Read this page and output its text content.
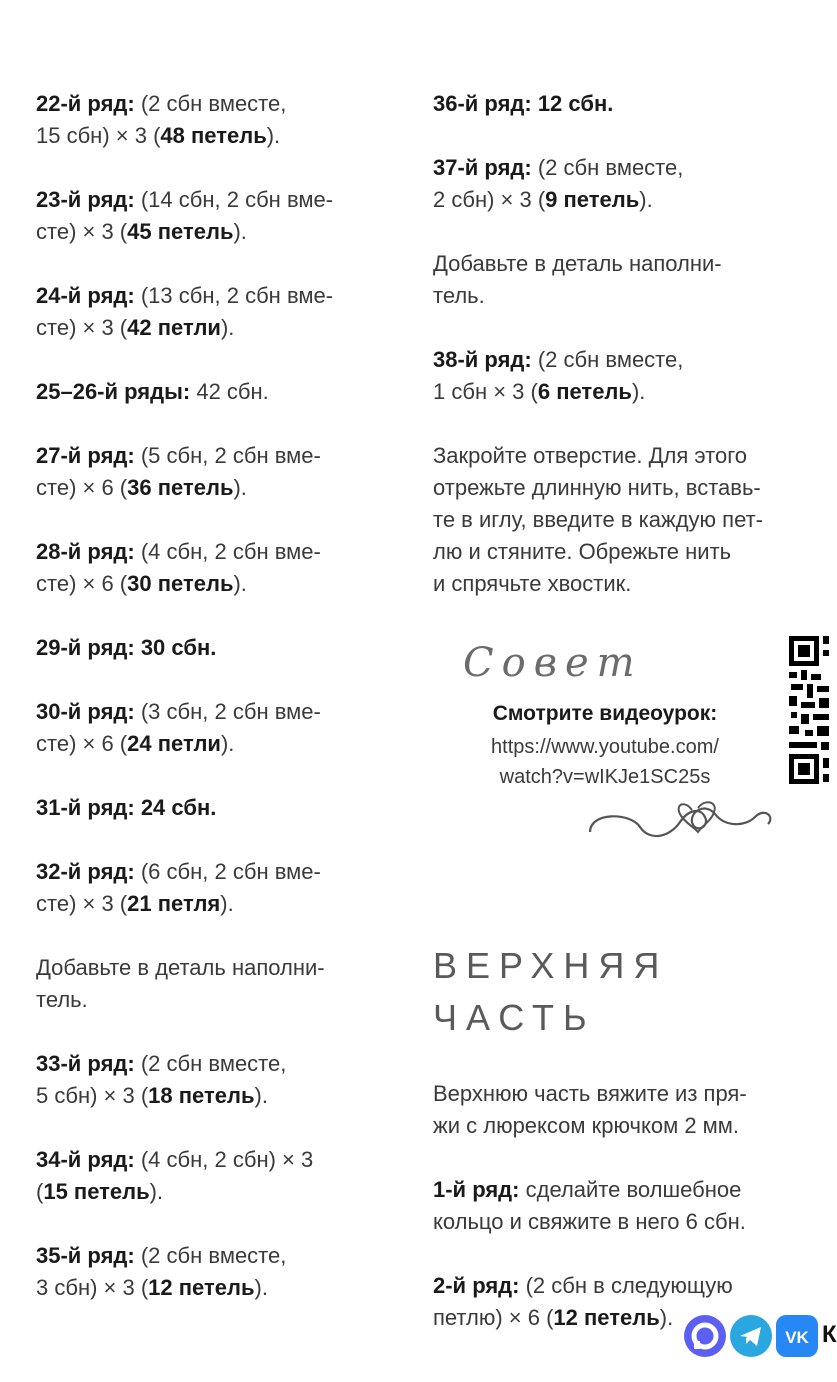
22-й ряд: (2 сбн вместе,
15 сбн) × 3 (48 петель).
23-й ряд: (14 сбн, 2 сбн вме-
сте) × 3 (45 петель).
24-й ряд: (13 сбн, 2 сбн вме-
сте) × 3 (42 петли).
25–26-й ряды: 42 сбн.
27-й ряд: (5 сбн, 2 сбн вме-
сте) × 6 (36 петель).
28-й ряд: (4 сбн, 2 сбн вме-
сте) × 6 (30 петель).
29-й ряд: 30 сбн.
30-й ряд: (3 сбн, 2 сбн вме-
сте) × 6 (24 петли).
31-й ряд: 24 сбн.
32-й ряд: (6 сбн, 2 сбн вме-
сте) × 3 (21 петля).
Добавьте в деталь наполни-
тель.
33-й ряд: (2 сбн вместе,
5 сбн) × 3 (18 петель).
34-й ряд: (4 сбн, 2 сбн) × 3
(15 петель).
35-й ряд: (2 сбн вместе,
3 сбн) × 3 (12 петель).
36-й ряд: 12 сбн.
37-й ряд: (2 сбн вместе,
2 сбн) × 3 (9 петель).
Добавьте в деталь наполни-
тель.
38-й ряд: (2 сбн вместе,
1 сбн × 3 (6 петель).
Закройте отверстие. Для этого
отрежьте длинную нить, вставь-
те в иглу, введите в каждую пет-
лю и стяните. Обрежьте нить
и спрячьте хвостик.
Совет
Смотрите видеоурок:
https://www.youtube.com/
watch?v=wIKJe1SC25s
ВЕРХНЯЯ
ЧАСТЬ
Верхнюю часть вяжите из пря-
жи с люрексом крючком 2 мм.
1-й ряд: сделайте волшебное
кольцо и свяжите в него 6 сбн.
2-й ряд: (2 сбн в следующую
петлю) × 6 (12 петель).
VK К
